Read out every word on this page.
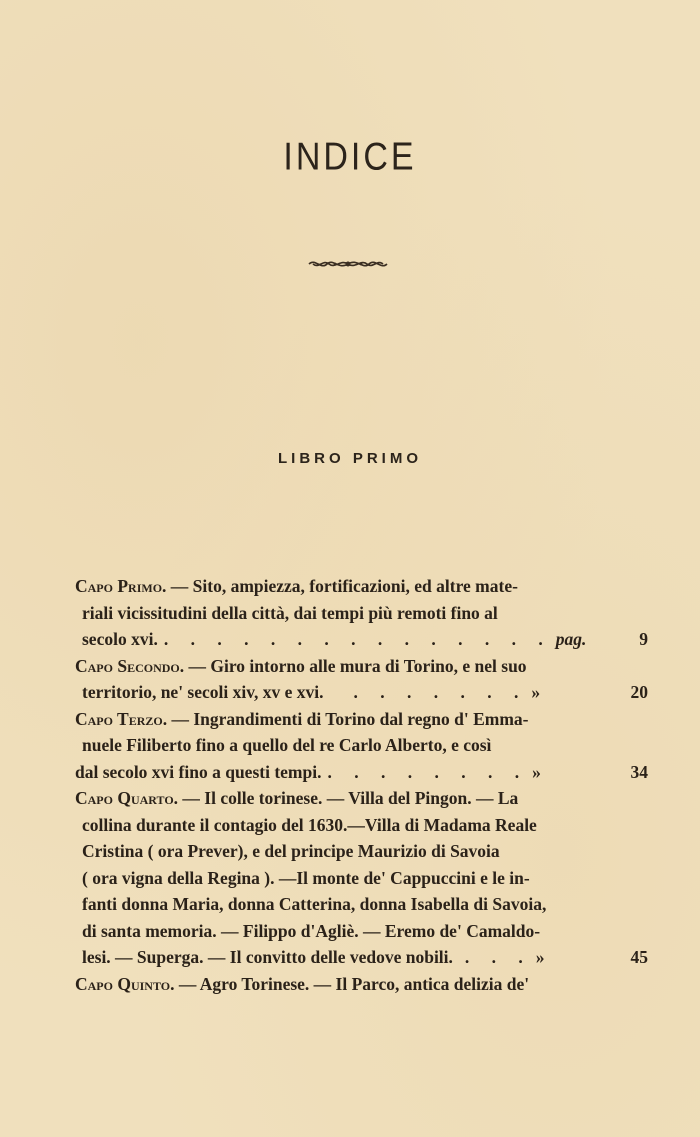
INDICE
LIBRO PRIMO
Capo Primo. — Sito, ampiezza, fortificazioni, ed altre mate-
riali vicissitudini della città, dai tempi più remoti fino al
secolo xvi. . . . . . . . . . . . . . . . pag.	9
Capo Secondo. — Giro intorno alle mura di Torino, e nel suo
territorio, ne' secoli xiv, xv e xvi. . . . . . . . »	20
Capo Terzo. — Ingrandimenti di Torino dal regno d' Emma-
nuele Filiberto fino a quello del re Carlo Alberto, e così
dal secolo xvi fino a questi tempi. . . . . . . . . »	34
Capo Quarto. — Il colle torinese. — Villa del Pingon. — La
collina durante il contagio del 1630.—Villa di Madama Reale
Cristina ( ora Prever), e del principe Maurizio di Savoia
( ora vigna della Regina ). —Il monte de' Cappuccini e le in-
fanti donna Maria, donna Catterina, donna Isabella di Savoia,
di santa memoria. — Filippo d'Agliè. — Eremo de' Camaldo-
lesi. — Superga. — Il convitto delle vedove nobili. . . . »	45
Capo Quinto. — Agro Torinese. — Il Parco, antica delizia de'
